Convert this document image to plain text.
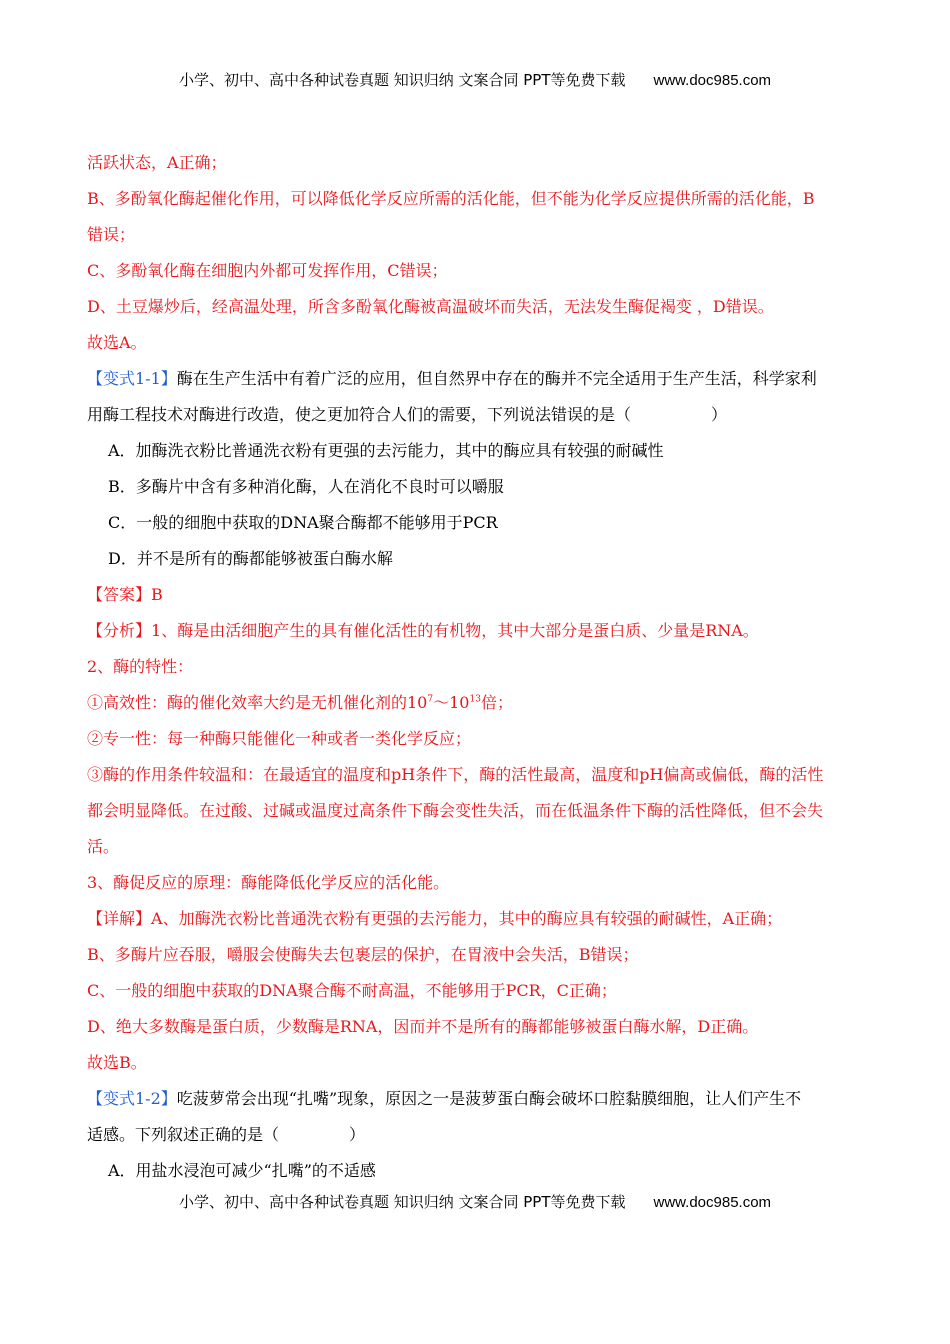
小学、初中、高中各种试卷真题 知识归纳 文案合同 PPT等免费下载 www.doc985.com
活跃状态，A正确；
B、多酚氧化酶起催化作用，可以降低化学反应所需的活化能，但不能为化学反应提供所需的活化能，B
错误；
C、多酚氧化酶在细胞内外都可发挥作用，C错误；
D、土豆爆炒后，经高温处理，所含多酚氧化酶被高温破坏而失活，无法发生酶促褐变 ，D错误。
故选A。
【变式1-1】酶在生产生活中有着广泛的应用，但自然界中存在的酶并不完全适用于生产生活，科学家利
用酶工程技术对酶进行改造，使之更加符合人们的需要，下列说法错误的是（	）
A．加酶洗衣粉比普通洗衣粉有更强的去污能力，其中的酶应具有较强的耐碱性
B．多酶片中含有多种消化酶，人在消化不良时可以嚼服
C．一般的细胞中获取的DNA聚合酶都不能够用于PCR
D．并不是所有的酶都能够被蛋白酶水解
【答案】B
【分析】1、酶是由活细胞产生的具有催化活性的有机物，其中大部分是蛋白质、少量是RNA。
2、酶的特性：
①高效性：酶的催化效率大约是无机催化剂的$10^7\sim 10^{13}$倍；
②专一性：每一种酶只能催化一种或者一类化学反应；
③酶的作用条件较温和：在最适宜的温度和pH条件下，酶的活性最高，温度和pH偏高或偏低，酶的活性
都会明显降低。在过酸、过碱或温度过高条件下酶会变性失活，而在低温条件下酶的活性降低，但不会失
活。
3、酶促反应的原理：酶能降低化学反应的活化能。
【详解】A、加酶洗衣粉比普通洗衣粉有更强的去污能力，其中的酶应具有较强的耐碱性，A正确；
B、多酶片应吞服，嚼服会使酶失去包裹层的保护，在胃液中会失活，B错误；
C、一般的细胞中获取的DNA聚合酶不耐高温，不能够用于PCR，C正确；
D、绝大多数酶是蛋白质，少数酶是RNA，因而并不是所有的酶都能够被蛋白酶水解，D正确。
故选B。
【变式1-2】吃菠萝常会出现“扎嘴”现象，原因之一是菠萝蛋白酶会破坏口腔黏膜细胞，让人们产生不
适感。下列叙述正确的是（	）
A．用盐水浸泡可减少“扎嘴”的不适感
小学、初中、高中各种试卷真题 知识归纳 文案合同 PPT等免费下载 www.doc985.com
